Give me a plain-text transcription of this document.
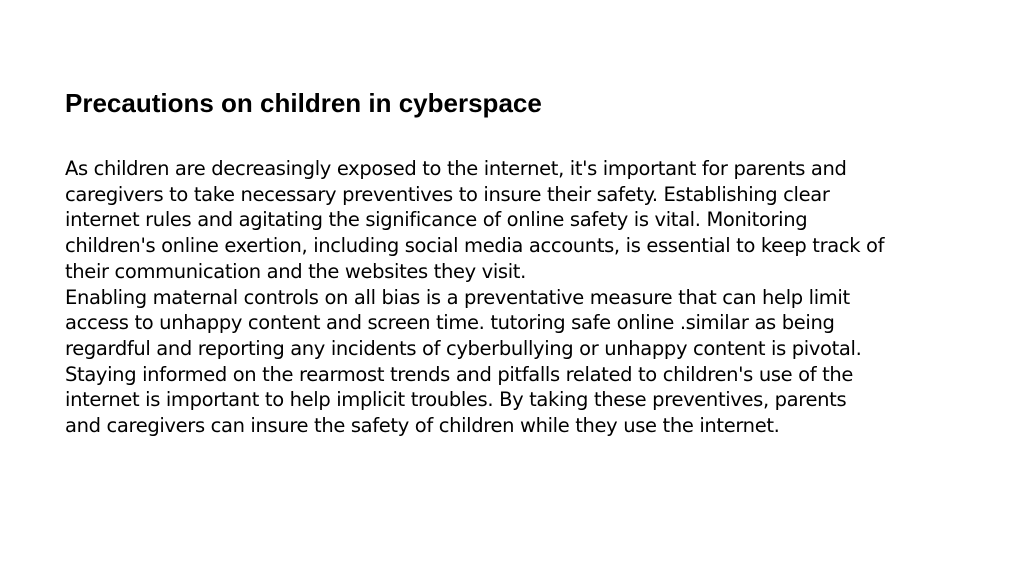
Precautions on children in cyberspace
As children are decreasingly exposed to the internet, it's important for parents and
caregivers to take necessary preventives to insure their safety. Establishing clear
internet rules and agitating the significance of online safety is vital. Monitoring
children's online exertion, including social media accounts, is essential to keep track of
their communication and the websites they visit.
Enabling maternal controls on all bias is a preventative measure that can help limit
access to unhappy content and screen time. tutoring safe online .similar as being
regardful and reporting any incidents of cyberbullying or unhappy content is pivotal.
Staying informed on the rearmost trends and pitfalls related to children's use of the
internet is important to help implicit troubles. By taking these preventives, parents
and caregivers can insure the safety of children while they use the internet.
